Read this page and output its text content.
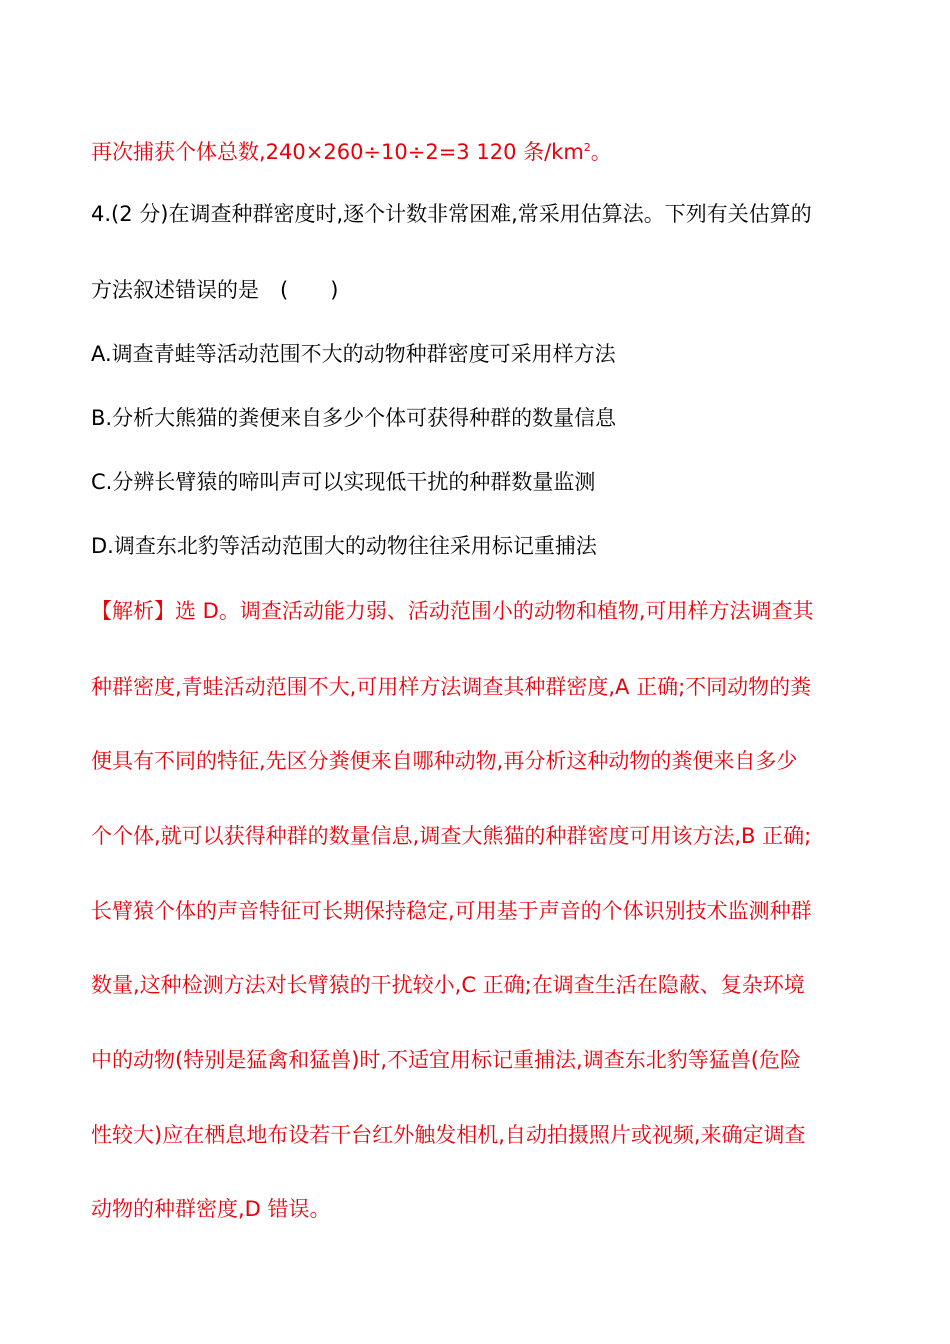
再次捕获个体总数,240×260÷10÷2=3 120 条$/km^2$。
4.(2 分)在调查种群密度时,逐个计数非常困难,常采用估算法。下列有关估算的
方法叙述错误的是　(　　)
A.调查青蛙等活动范围不大的动物种群密度可采用样方法
B.分析大熊猫的粪便来自多少个体可获得种群的数量信息
C.分辨长臂猿的啼叫声可以实现低干扰的种群数量监测
D.调查东北豹等活动范围大的动物往往采用标记重捕法
【解析】选 D。调查活动能力弱、活动范围小的动物和植物,可用样方法调查其
种群密度,青蛙活动范围不大,可用样方法调查其种群密度,A 正确;不同动物的粪
便具有不同的特征,先区分粪便来自哪种动物,再分析这种动物的粪便来自多少
个个体,就可以获得种群的数量信息,调查大熊猫的种群密度可用该方法,B 正确;
长臂猿个体的声音特征可长期保持稳定,可用基于声音的个体识别技术监测种群
数量,这种检测方法对长臂猿的干扰较小,C 正确;在调查生活在隐蔽、复杂环境
中的动物(特别是猛禽和猛兽)时,不适宜用标记重捕法,调查东北豹等猛兽(危险
性较大)应在栖息地布设若干台红外触发相机,自动拍摄照片或视频,来确定调查
动物的种群密度,D 错误。
